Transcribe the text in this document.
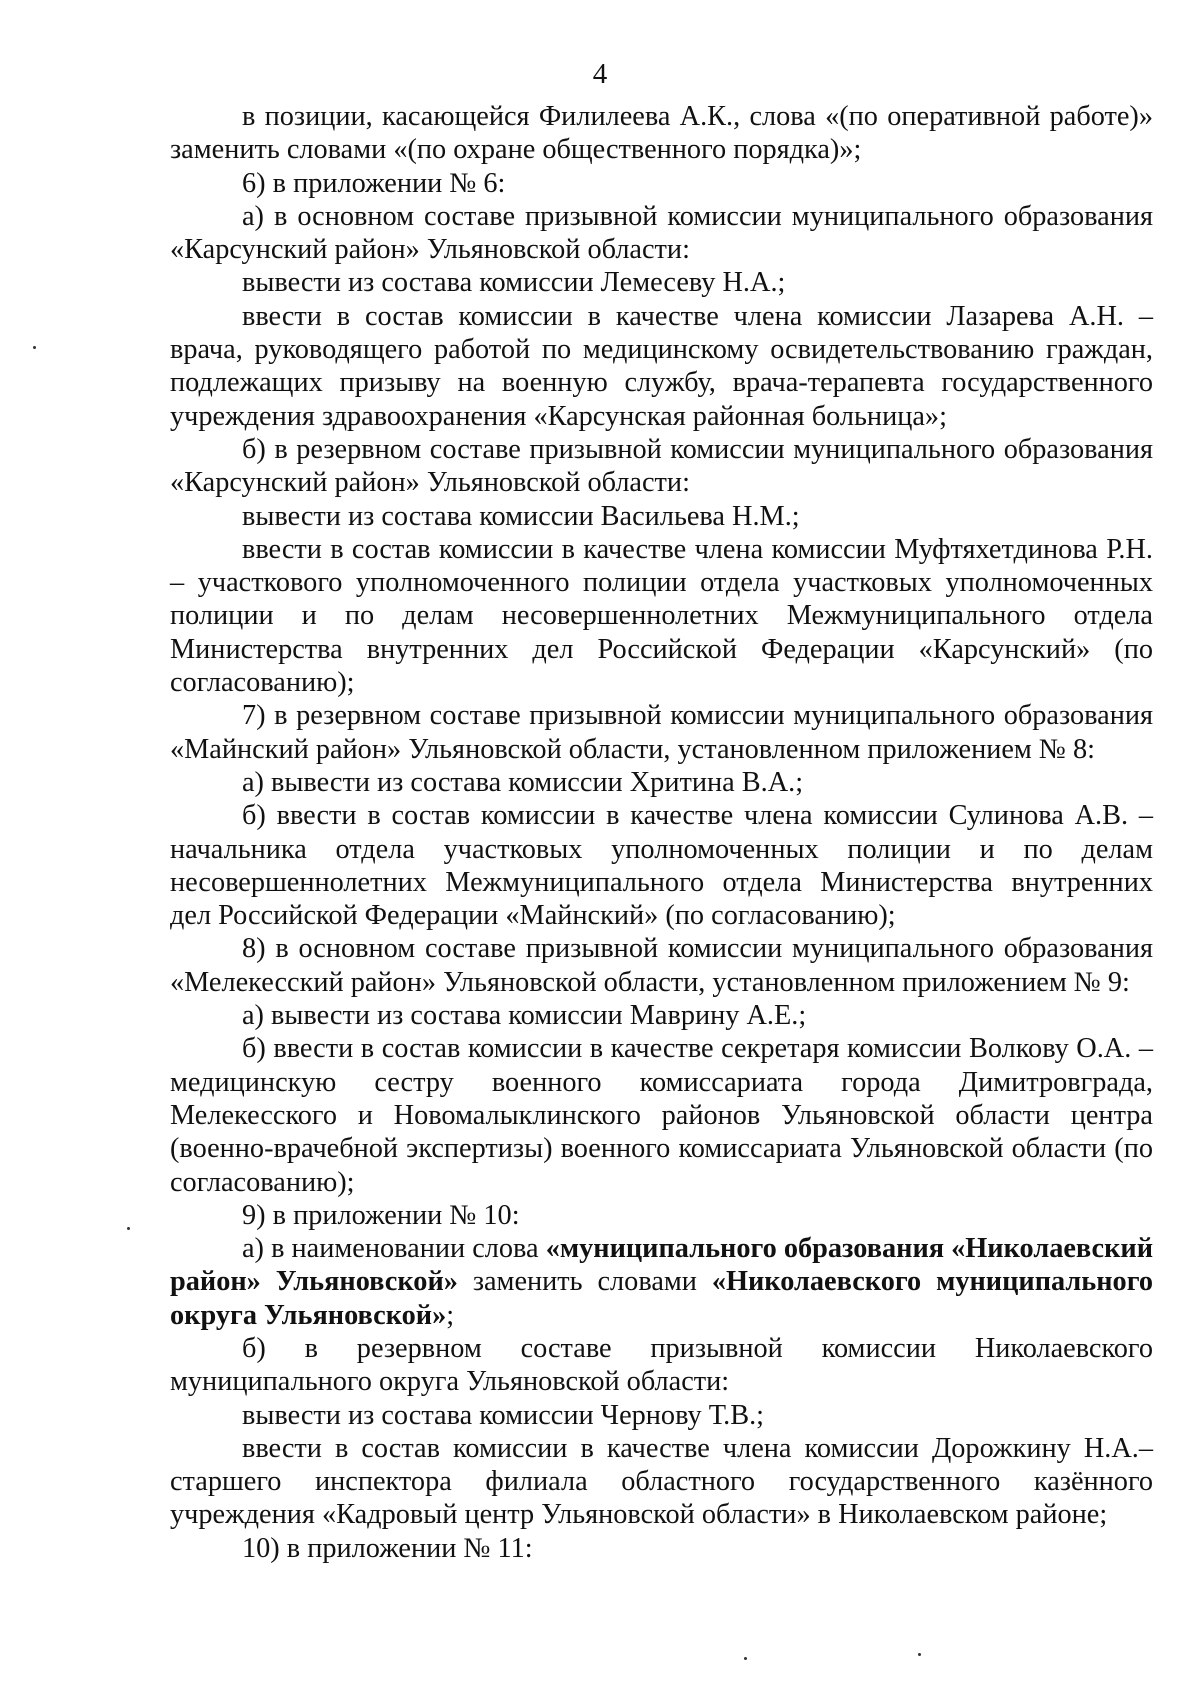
4

в позиции, касающейся Филилеева А.К., слова «(по оперативной работе)» заменить словами «(по охране общественного порядка)»;

6) в приложении № 6:

а) в основном составе призывной комиссии муниципального образования «Карсунский район» Ульяновской области:

вывести из состава комиссии Лемесеву Н.А.;

ввести в состав комиссии в качестве члена комиссии Лазарева А.Н. – врача, руководящего работой по медицинскому освидетельствованию граждан, подлежащих призыву на военную службу, врача-терапевта государственного учреждения здравоохранения «Карсунская районная больница»;

б) в резервном составе призывной комиссии муниципального образования «Карсунский район» Ульяновской области:

вывести из состава комиссии Васильева Н.М.;

ввести в состав комиссии в качестве члена комиссии Муфтяхетдинова Р.Н. – участкового уполномоченного полиции отдела участковых уполномоченных полиции и по делам несовершеннолетних Межмуниципального отдела Министерства внутренних дел Российской Федерации «Карсунский» (по согласованию);

7) в резервном составе призывной комиссии муниципального образования «Майнский район» Ульяновской области, установленном приложением № 8:

а) вывести из состава комиссии Хритина В.А.;

б) ввести в состав комиссии в качестве члена комиссии Сулинова А.В. – начальника отдела участковых уполномоченных полиции и по делам несовершеннолетних Межмуниципального отдела Министерства внутренних дел Российской Федерации «Майнский» (по согласованию);

8) в основном составе призывной комиссии муниципального образования «Мелекесский район» Ульяновской области, установленном приложением № 9:

а) вывести из состава комиссии Маврину А.Е.;

б) ввести в состав комиссии в качестве секретаря комиссии Волкову О.А. – медицинскую сестру военного комиссариата города Димитровграда, Мелекесского и Новомалыклинского районов Ульяновской области центра (военно-врачебной экспертизы) военного комиссариата Ульяновской области (по согласованию);

9) в приложении № 10:

а) в наименовании слова «муниципального образования «Николаевский район» Ульяновской» заменить словами «Николаевского муниципального округа Ульяновской»;

б) в резервном составе призывной комиссии Николаевского муниципального округа Ульяновской области:

вывести из состава комиссии Чернову Т.В.;

ввести в состав комиссии в качестве члена комиссии Дорожкину Н.А.– старшего инспектора филиала областного государственного казённого учреждения «Кадровый центр Ульяновской области» в Николаевском районе;

10) в приложении № 11:
